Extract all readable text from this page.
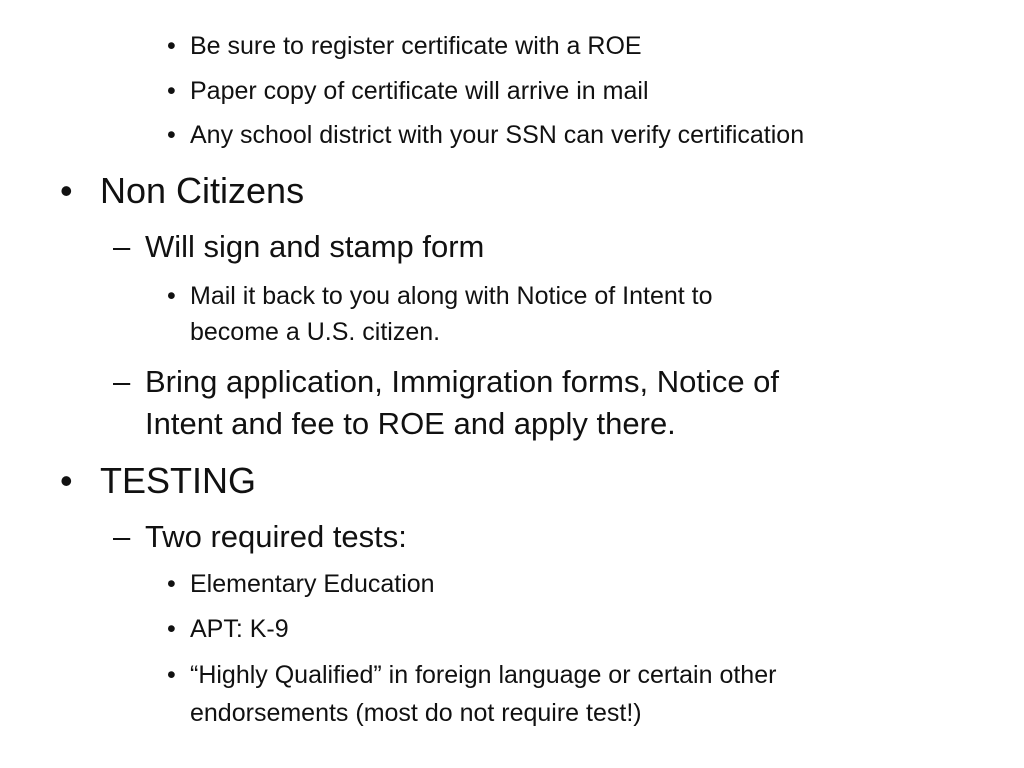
• Be sure to register certificate with a ROE
• Paper copy of certificate will arrive in mail
• Any school district with your SSN can verify certification
• Non Citizens
– Will sign and stamp form
• Mail it back to you along with Notice of Intent to
become a U.S. citizen.
– Bring application, Immigration forms, Notice of
Intent and fee to ROE and apply there.
• TESTING
– Two required tests:
• Elementary Education
• APT: K-9
• “Highly Qualified” in foreign language or certain other
endorsements (most do not require test!)
